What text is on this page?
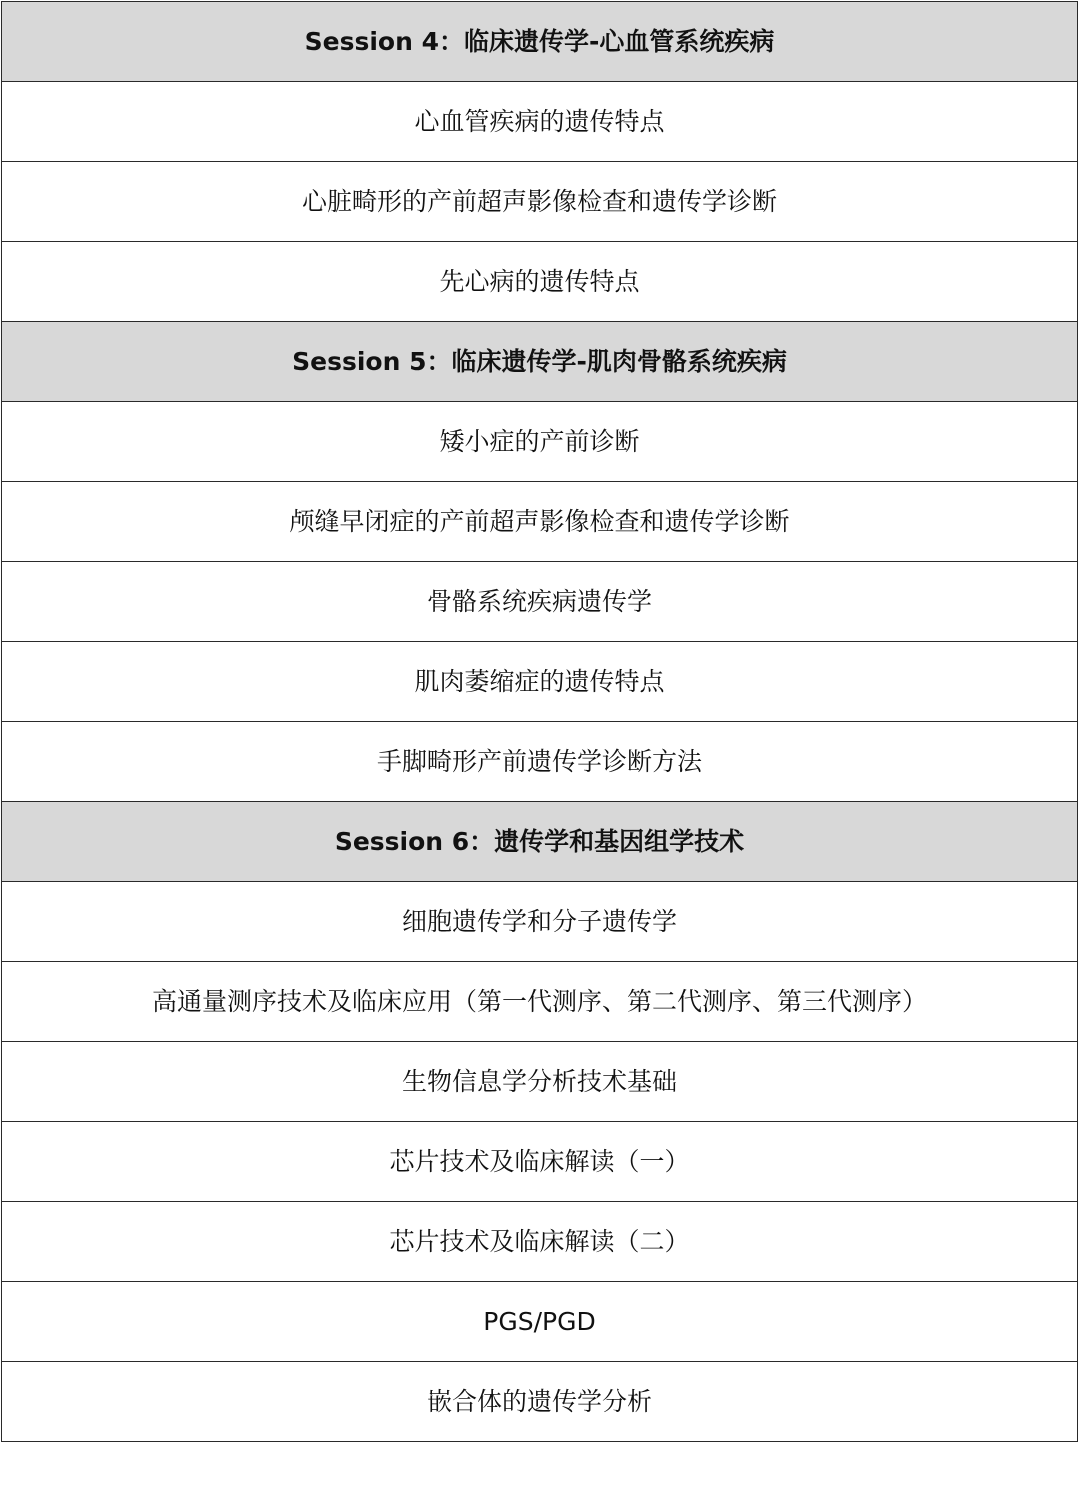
Session 4：临床遗传学-心血管系统疾病
心血管疾病的遗传特点
心脏畸形的产前超声影像检查和遗传学诊断
先心病的遗传特点
Session 5：临床遗传学-肌肉骨骼系统疾病
矮小症的产前诊断
颅缝早闭症的产前超声影像检查和遗传学诊断
骨骼系统疾病遗传学
肌肉萎缩症的遗传特点
手脚畸形产前遗传学诊断方法
Session 6：遗传学和基因组学技术
细胞遗传学和分子遗传学
高通量测序技术及临床应用（第一代测序、第二代测序、第三代测序）
生物信息学分析技术基础
芯片技术及临床解读（一）
芯片技术及临床解读（二）
PGS/PGD
嵌合体的遗传学分析
